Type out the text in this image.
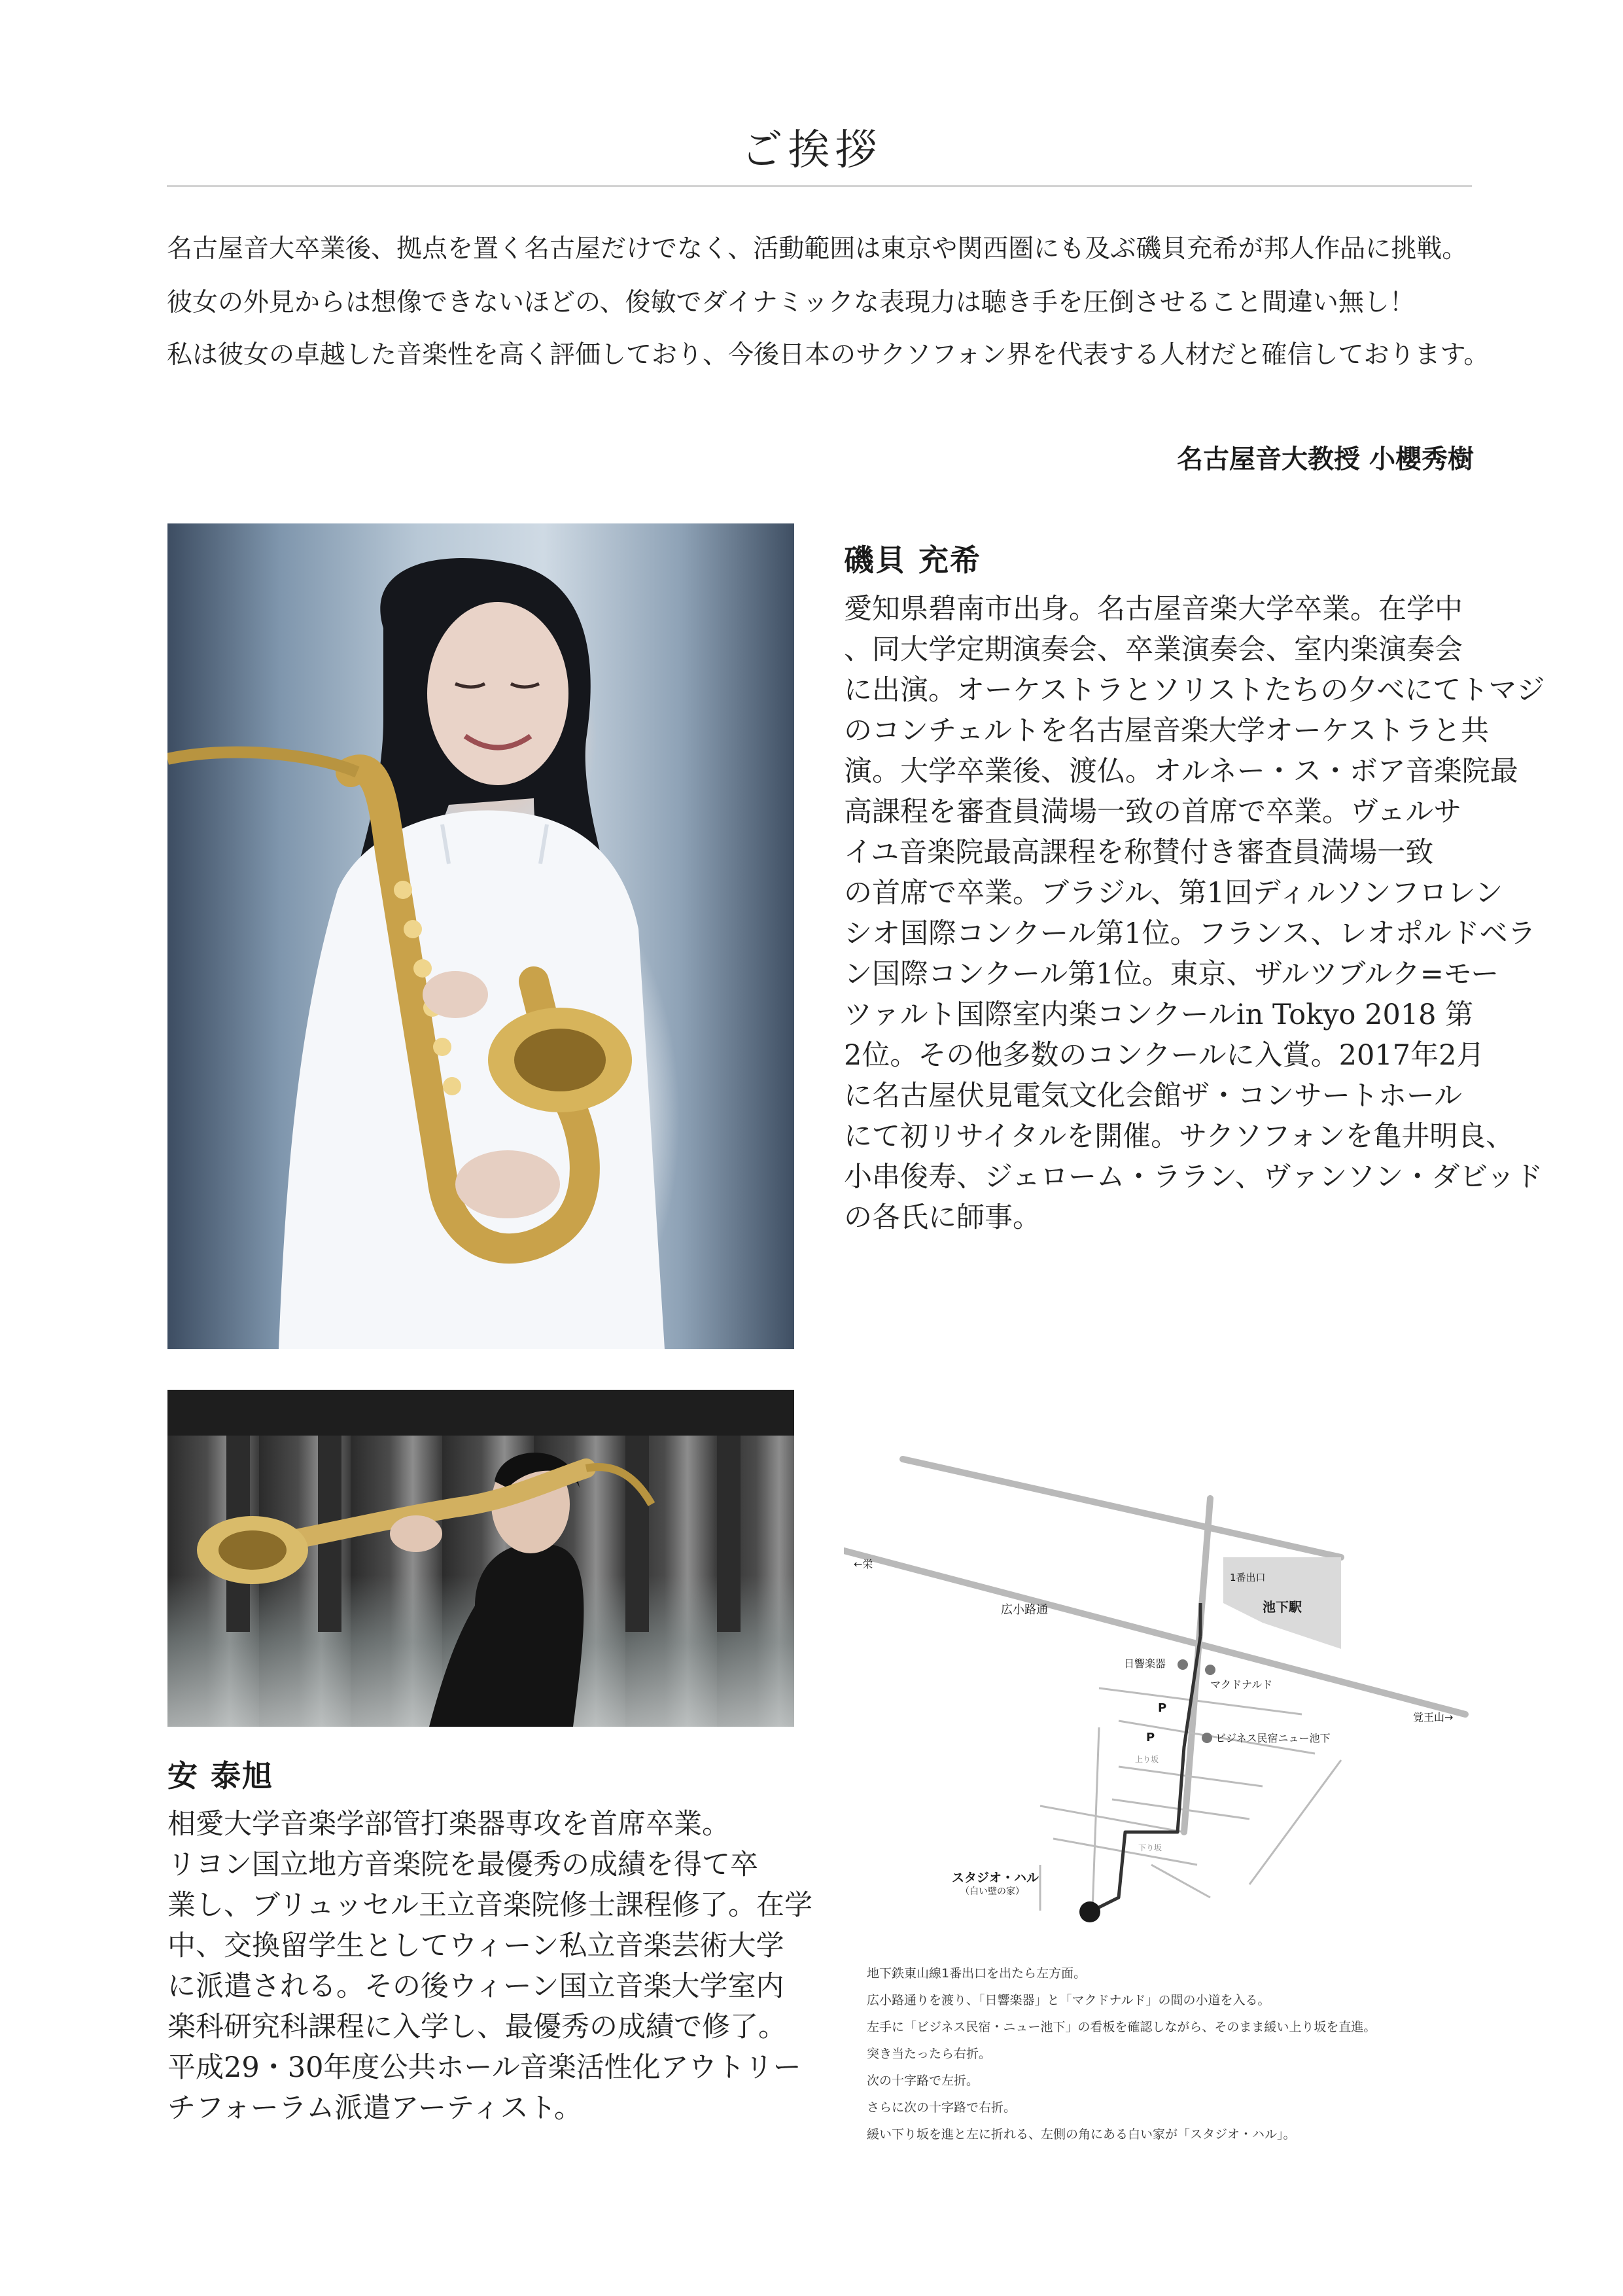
ご挨拶
名古屋音大卒業後、拠点を置く名古屋だけでなく、活動範囲は東京や関西圏にも及ぶ磯貝充希が邦人作品に挑戦。
彼女の外見からは想像できないほどの、俊敏でダイナミックな表現力は聴き手を圧倒させること間違い無し！
私は彼女の卓越した音楽性を高く評価しており、今後日本のサクソフォン界を代表する人材だと確信しております。
名古屋音大教授 小櫻秀樹
磯貝 充希
愛知県碧南市出身。名古屋音楽大学卒業。在学中
、同大学定期演奏会、卒業演奏会、室内楽演奏会
に出演。オーケストラとソリストたちの夕べにてトマジ
のコンチェルトを名古屋音楽大学オーケストラと共
演。大学卒業後、渡仏。オルネー・ス・ボア音楽院最
高課程を審査員満場一致の首席で卒業。ヴェルサ
イユ音楽院最高課程を称賛付き審査員満場一致
の首席で卒業。ブラジル、第1回ディルソンフロレン
シオ国際コンクール第1位。フランス、レオポルドベラ
ン国際コンクール第1位。東京、ザルツブルク=モー
ツァルト国際室内楽コンクールin Tokyo 2018 第
2位。その他多数のコンクールに入賞。2017年2月
に名古屋伏見電気文化会館ザ・コンサートホール
にて初リサイタルを開催。サクソフォンを亀井明良、
小串俊寿、ジェローム・ララン、ヴァンソン・ダビッド
の各氏に師事。
安 泰旭
相愛大学音楽学部管打楽器専攻を首席卒業。
リヨン国立地方音楽院を最優秀の成績を得て卒
業し、ブリュッセル王立音楽院修士課程修了。在学
中、交換留学生としてウィーン私立音楽芸術大学
に派遣される。その後ウィーン国立音楽大学室内
楽科研究科課程に入学し、最優秀の成績で修了。
平成29・30年度公共ホール音楽活性化アウトリー
チフォーラム派遣アーティスト。
←栄
覚王山→
広小路通
1番出口
池下駅
日響楽器
マクドナルド
P
P	ビジネス民宿ニュー池下
上り坂
下り坂
スタジオ・ハル
（白い壁の家）
地下鉄東山線1番出口を出たら左方面。
広小路通りを渡り、「日響楽器」と「マクドナルド」の間の小道を入る。
左手に「ビジネス民宿・ニュー池下」の看板を確認しながら、そのまま緩い上り坂を直進。
突き当たったら右折。
次の十字路で左折。
さらに次の十字路で右折。
緩い下り坂を進と左に折れる、左側の角にある白い家が「スタジオ・ハル」。
